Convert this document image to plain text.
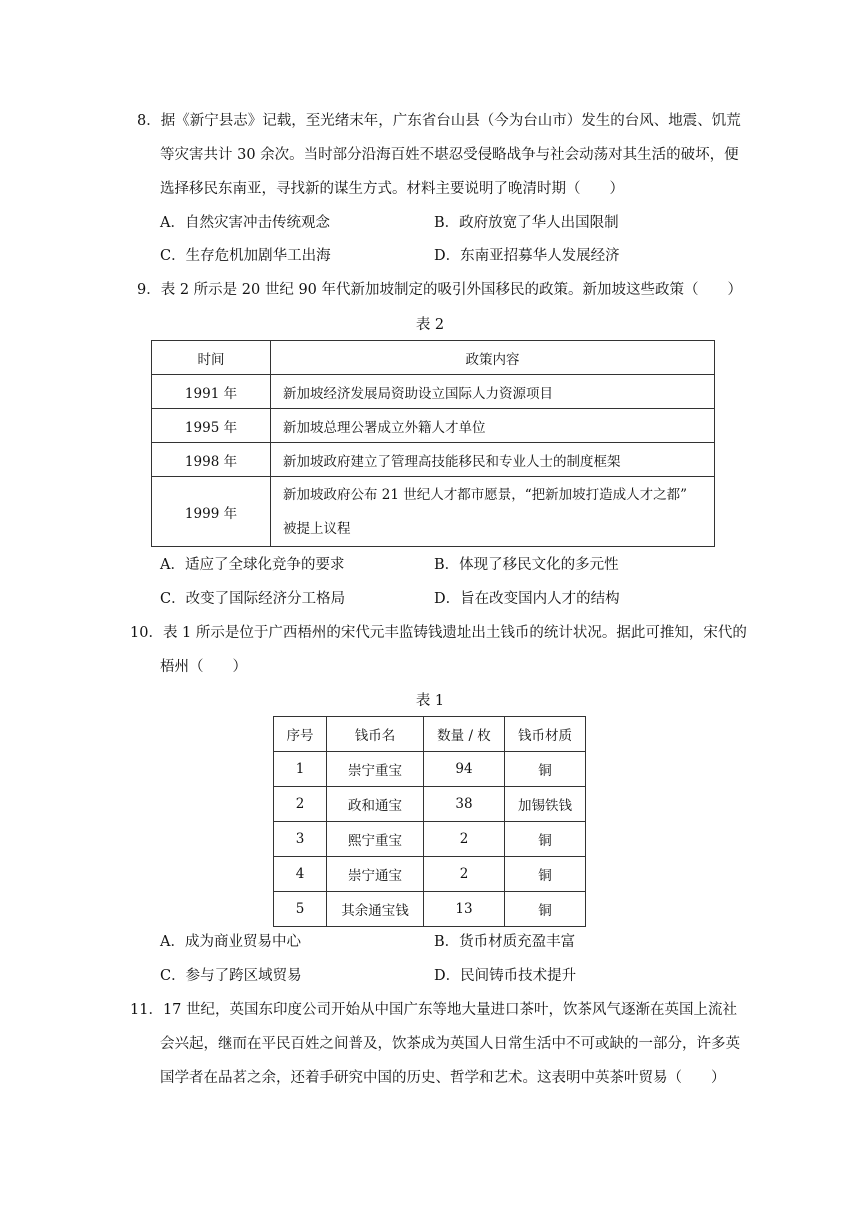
8．据《新宁县志》记载，至光绪末年，广东省台山县（今为台山市）发生的台风、地震、饥荒
等灾害共计 30 余次。当时部分沿海百姓不堪忍受侵略战争与社会动荡对其生活的破坏，便
选择移民东南亚，寻找新的谋生方式。材料主要说明了晚清时期（　　）
A．自然灾害冲击传统观念	B．政府放宽了华人出国限制
C．生存危机加剧华工出海	D．东南亚招募华人发展经济
9．表 2 所示是 20 世纪 90 年代新加坡制定的吸引外国移民的政策。新加坡这些政策（　　）
表 2
时间	政策内容
1991 年	新加坡经济发展局资助设立国际人力资源项目
1995 年	新加坡总理公署成立外籍人才单位
1998 年	新加坡政府建立了管理高技能移民和专业人士的制度框架
1999 年	新加坡政府公布 21 世纪人才都市愿景，“把新加坡打造成人才之都”
被提上议程
A．适应了全球化竞争的要求	B．体现了移民文化的多元性
C．改变了国际经济分工格局	D．旨在改变国内人才的结构
10．表 1 所示是位于广西梧州的宋代元丰监铸钱遗址出土钱币的统计状况。据此可推知，宋代的
梧州（　　）
表 1
序号	钱币名	数量 / 枚	钱币材质
1	崇宁重宝	94	铜
2	政和通宝	38	加锡铁钱
3	熙宁重宝	2	铜
4	崇宁通宝	2	铜
5	其余通宝钱	13	铜
A．成为商业贸易中心	B．货币材质充盈丰富
C．参与了跨区域贸易	D．民间铸币技术提升
11．17 世纪，英国东印度公司开始从中国广东等地大量进口茶叶，饮茶风气逐渐在英国上流社
会兴起，继而在平民百姓之间普及，饮茶成为英国人日常生活中不可或缺的一部分，许多英
国学者在品茗之余，还着手研究中国的历史、哲学和艺术。这表明中英茶叶贸易（　　）
